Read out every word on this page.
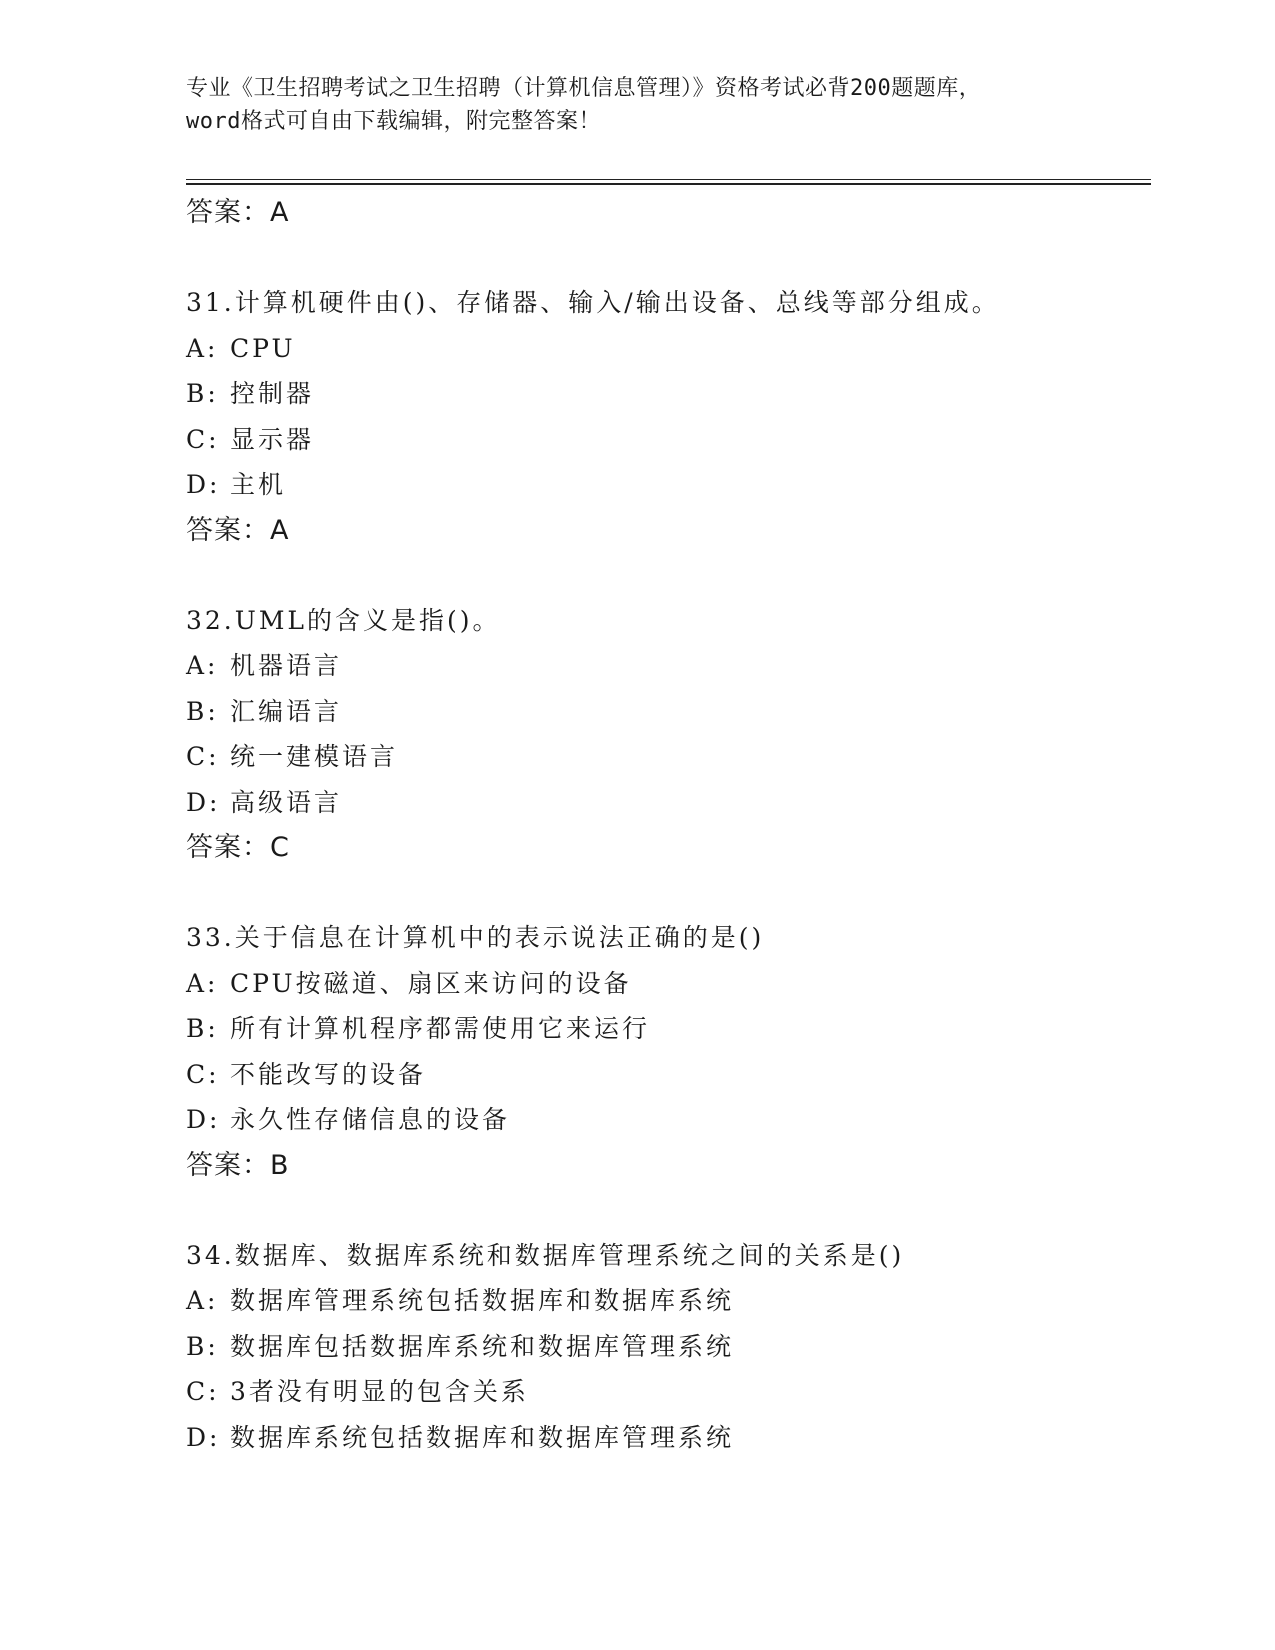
专业《卫生招聘考试之卫生招聘（计算机信息管理）》资格考试必背200题题库，
word格式可自由下载编辑，附完整答案！
答案：A
31.计算机硬件由()、存储器、输入/输出设备、总线等部分组成。
A: CPU
B: 控制器
C: 显示器
D: 主机
答案：A
32.UML的含义是指()。
A: 机器语言
B: 汇编语言
C: 统一建模语言
D: 高级语言
答案：C
33.关于信息在计算机中的表示说法正确的是()
A: CPU按磁道、扇区来访问的设备
B: 所有计算机程序都需使用它来运行
C: 不能改写的设备
D: 永久性存储信息的设备
答案：B
34.数据库、数据库系统和数据库管理系统之间的关系是()
A: 数据库管理系统包括数据库和数据库系统
B: 数据库包括数据库系统和数据库管理系统
C: 3者没有明显的包含关系
D: 数据库系统包括数据库和数据库管理系统
